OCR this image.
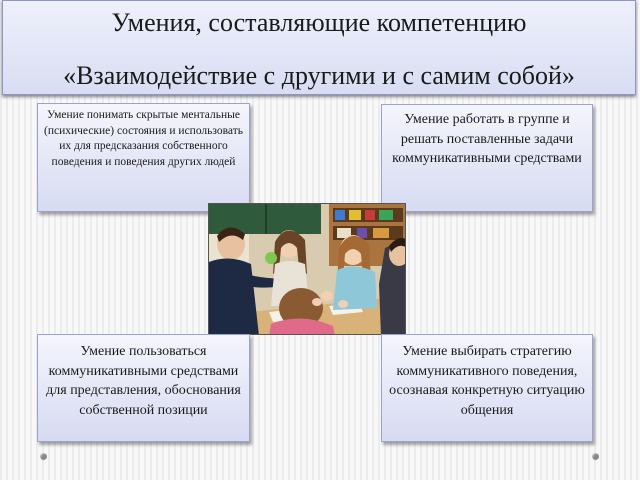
Умения, составляющие компетенцию
«Взаимодействие с другими и с самим собой»
Умение понимать скрытые ментальные (психические) состояния и использовать их для предсказания собственного поведения и поведения других людей
Умение работать в группе и решать поставленные задачи коммуникативными средствами
Умение пользоваться коммуникативными средствами для представления, обоснования собственной позиции
Умение выбирать стратегию коммуникативного поведения, осознавая конкретную ситуацию общения
